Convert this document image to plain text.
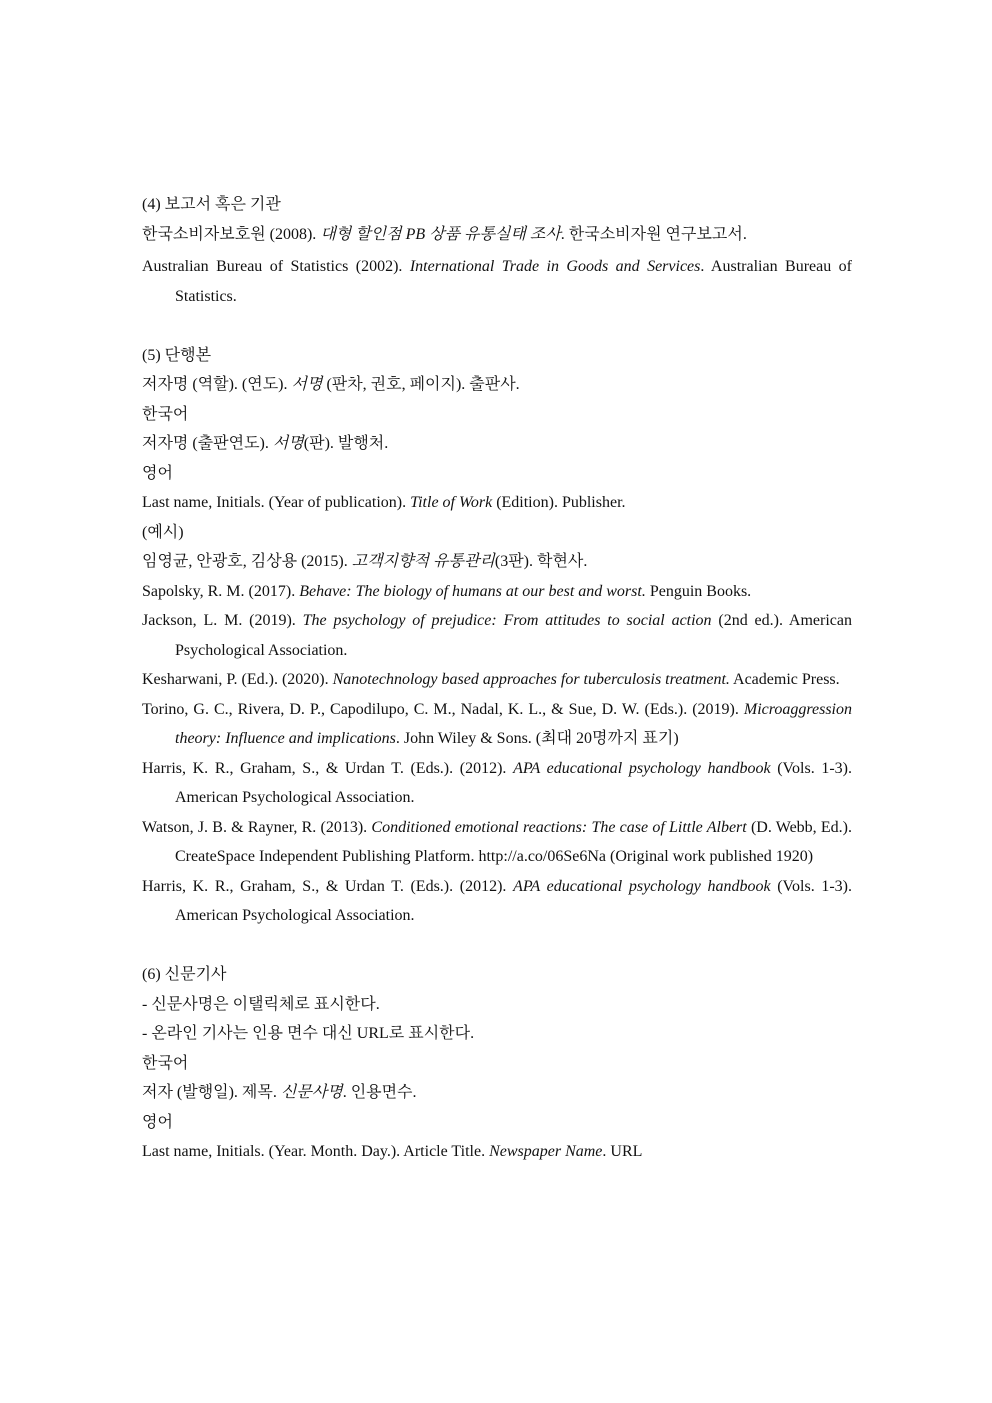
(4) 보고서 혹은 기관
한국소비자보호원 (2008). 대형 할인점 PB 상품 유통실태 조사. 한국소비자원 연구보고서.
Australian Bureau of Statistics (2002). International Trade in Goods and Services. Australian Bureau of Statistics.
(5) 단행본
저자명 (역할). (연도). 서명 (판차, 권호, 페이지). 출판사.
한국어
저자명 (출판연도). 서명(판). 발행처.
영어
Last name, Initials. (Year of publication). Title of Work (Edition). Publisher.
(예시)
임영균, 안광호, 김상용 (2015). 고객지향적 유통관리(3판). 학현사.
Sapolsky, R. M. (2017). Behave: The biology of humans at our best and worst. Penguin Books.
Jackson, L. M. (2019). The psychology of prejudice: From attitudes to social action (2nd ed.). American Psychological Association.
Kesharwani, P. (Ed.). (2020). Nanotechnology based approaches for tuberculosis treatment. Academic Press.
Torino, G. C., Rivera, D. P., Capodilupo, C. M., Nadal, K. L., & Sue, D. W. (Eds.). (2019). Microaggression theory: Influence and implications. John Wiley & Sons. (최대 20명까지 표기)
Harris, K. R., Graham, S., & Urdan T. (Eds.). (2012). APA educational psychology handbook (Vols. 1-3). American Psychological Association.
Watson, J. B. & Rayner, R. (2013). Conditioned emotional reactions: The case of Little Albert (D. Webb, Ed.). CreateSpace Independent Publishing Platform. http://a.co/06Se6Na (Original work published 1920)
Harris, K. R., Graham, S., & Urdan T. (Eds.). (2012). APA educational psychology handbook (Vols. 1-3). American Psychological Association.
(6) 신문기사
- 신문사명은 이탤릭체로 표시한다.
- 온라인 기사는 인용 면수 대신 URL로 표시한다.
한국어
저자 (발행일). 제목. 신문사명. 인용면수.
영어
Last name, Initials. (Year. Month. Day.). Article Title. Newspaper Name. URL
